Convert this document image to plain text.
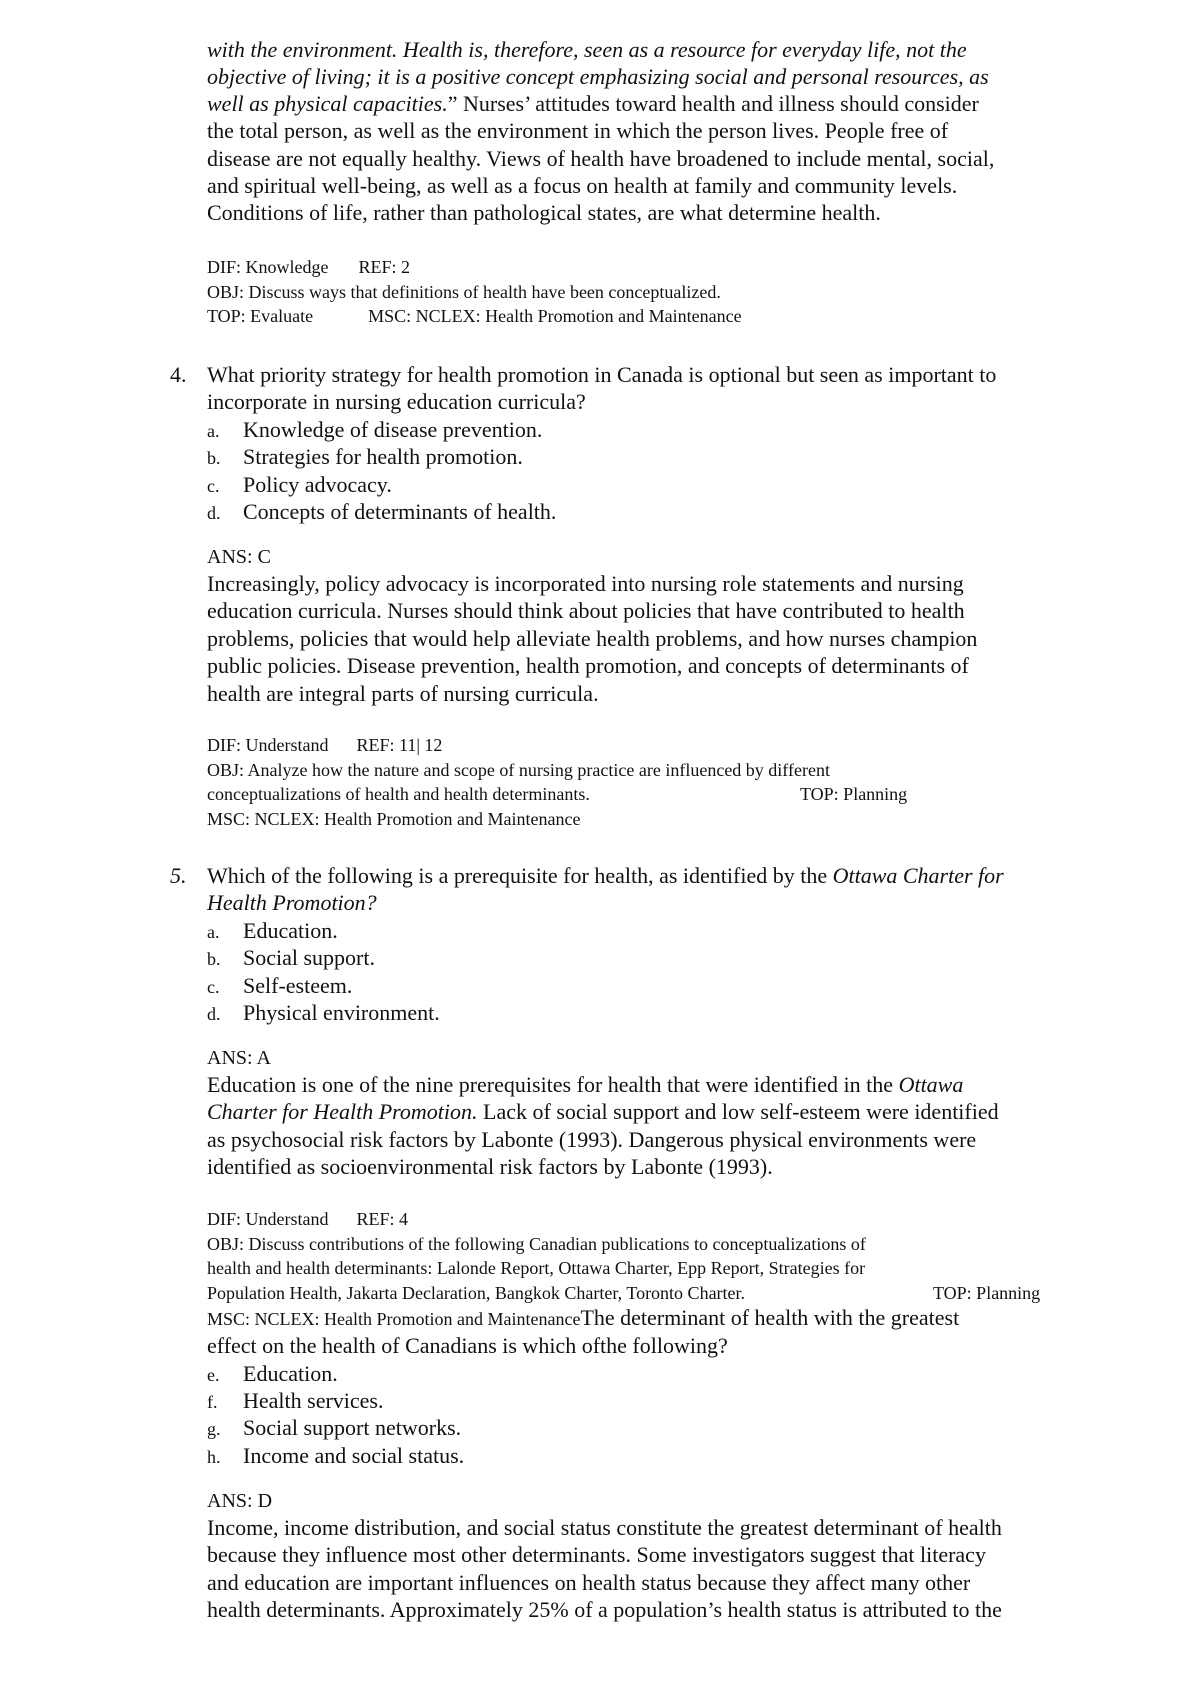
with the environment. Health is, therefore, seen as a resource for everyday life, not the
objective of living; it is a positive concept emphasizing social and personal resources, as
well as physical capacities.” Nurses’ attitudes toward health and illness should consider
the total person, as well as the environment in which the person lives. People free of
disease are not equally healthy. Views of health have broadened to include mental, social,
and spiritual well-being, as well as a focus on health at family and community levels.
Conditions of life, rather than pathological states, are what determine health.
DIF: Knowledge REF: 2
OBJ: Discuss ways that definitions of health have been conceptualized.
TOP: Evaluate	MSC: NCLEX: Health Promotion and Maintenance
4. What priority strategy for health promotion in Canada is optional but seen as important to
incorporate in nursing education curricula?
a. Knowledge of disease prevention.
b. Strategies for health promotion.
c. Policy advocacy.
d. Concepts of determinants of health.
ANS: C
Increasingly, policy advocacy is incorporated into nursing role statements and nursing
education curricula. Nurses should think about policies that have contributed to health
problems, policies that would help alleviate health problems, and how nurses champion
public policies. Disease prevention, health promotion, and concepts of determinants of
health are integral parts of nursing curricula.
DIF: Understand REF: 11| 12
OBJ: Analyze how the nature and scope of nursing practice are influenced by different
conceptualizations of health and health determinants.	TOP: Planning
MSC: NCLEX: Health Promotion and Maintenance
5. Which of the following is a prerequisite for health, as identified by the Ottawa Charter for
Health Promotion?
a. Education.
b. Social support.
c. Self-esteem.
d. Physical environment.
ANS: A
Education is one of the nine prerequisites for health that were identified in the Ottawa
Charter for Health Promotion. Lack of social support and low self-esteem were identified
as psychosocial risk factors by Labonte (1993). Dangerous physical environments were
identified as socioenvironmental risk factors by Labonte (1993).
DIF: Understand REF: 4
OBJ: Discuss contributions of the following Canadian publications to conceptualizations of
health and health determinants: Lalonde Report, Ottawa Charter, Epp Report, Strategies for
Population Health, Jakarta Declaration, Bangkok Charter, Toronto Charter.	TOP: Planning
MSC: NCLEX: Health Promotion and MaintenanceThe determinant of health with the greatest
effect on the health of Canadians is which ofthe following?
e. Education.
f. Health services.
g. Social support networks.
h. Income and social status.
ANS: D
Income, income distribution, and social status constitute the greatest determinant of health
because they influence most other determinants. Some investigators suggest that literacy
and education are important influences on health status because they affect many other
health determinants. Approximately 25% of a population’s health status is attributed to the
